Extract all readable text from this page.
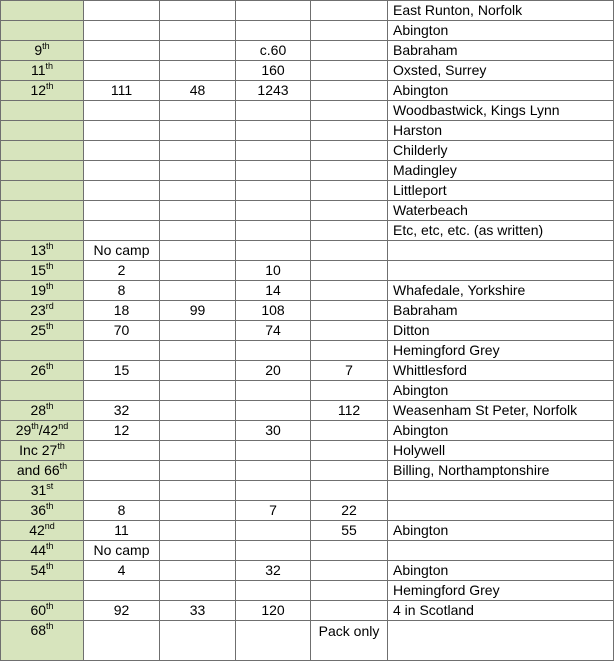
					East Runton, Norfolk
					Abington
9th			c.60		Babraham
11th			160		Oxsted, Surrey
12th	111	48	1243		Abington
					Woodbastwick, Kings Lynn
					Harston
					Childerly
					Madingley
					Littleport
					Waterbeach
					Etc, etc, etc. (as written)
13th	No camp				
15th	2		10		
19th	8		14		Whafedale, Yorkshire
23rd	18	99	108		Babraham
25th	70		74		Ditton
					Hemingford Grey
26th	15		20	7	Whittlesford
					Abington
28th	32			112	Weasenham St Peter, Norfolk
29th/42nd	12		30		Abington
Inc 27th					Holywell
and 66th					Billing, Northamptonshire
31st					
36th	8		7	22	
42nd	11			55	Abington
44th	No camp				
54th	4		32		Abington
					Hemingford Grey
60th	92	33	120		4 in Scotland
68th				Pack only	
